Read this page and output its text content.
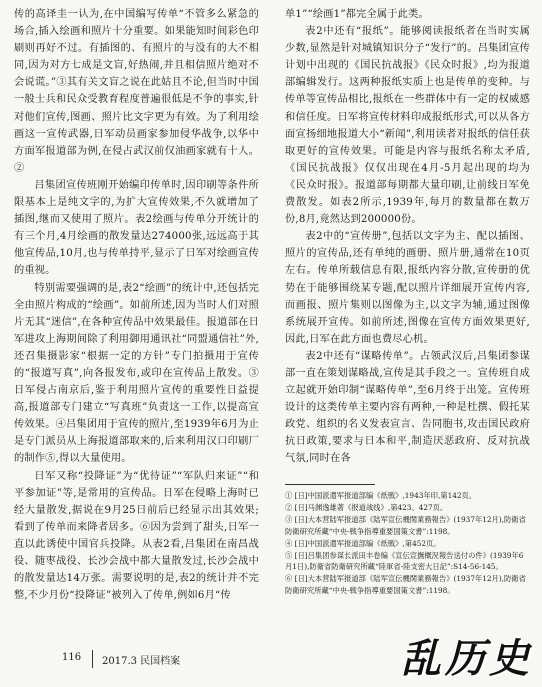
传的高译圭一认为,在中国编写传单“不管多么紧急的场合,插入绘画和照片十分重要。如果能知时间彩色印刷则再好不过。有插图的、有照片的与没有的大不相同,因为对方七成是文盲,好热闹,并且相信照片绝对不会说谎。”③其有关文盲之说在此姑且不论,但当时中国一般士兵和民众受教育程度普遍很低是不争的事实,针对他们宣传,图画、照片比文字更为有效。为了利用绘画这一宣传武器,日军动员画家参加侵华战争,以华中方面军报道部为例,在侵占武汉前仅油画家就有十人。②

吕集团宣传班刚开始编印传单时,因印刷等条件所限基本上是纯文字的,为扩大宣传效果,不久就增加了插图,继而又使用了照片。表2绘画与传单分开统计的有三个月,4月绘画的散发量达274000张,远远高于其他宣传品,10月,也与传单持平,显示了日军对绘画宣传的重视。

特别需要强调的是,表2“绘画”的统计中,还包括完全由照片构成的“绘画”。如前所述,因为当时人们对照片无其“迷信”,在各种宣传品中效果最佳。报道部在日军进攻上海期间除了利用御用通讯社“同盟通信社”外,还召集摄影家“根据一定的方针”专门拍摄用于宣传的“报道写真”,向各报发布,或印在宣传品上散发。③日军侵占南京后,鉴于利用照片宣传的重要性日益提高,报道部专门建立“写真班”负责这一工作,以提高宣传效果。④吕集团用于宣传的照片,至1939年6月为止是专门派员从上海报道部取来的,后来利用汉口印刷厂的制作⑤,得以大量使用。

日军又称“投降证”为“优待证”“军队归来证”“和平参加证”等,是常用的宣传品。日军在侵略上海时已经大量散发,据说在9月25日前后已经显示出其效果;看到了传单而来降者居多。⑥因为尝到了甜头,日军一直以此诱使中国官兵投降。从表2看,吕集团在南昌战役、随枣战役、长沙会战中都大量散发过,长沙会战中的散发量达14万张。需要说明的是,表2的统计并不完整,不少月份“投降证”被列入了传单,例如6月“传

单1”“绘画1”都完全属于此类。

表2中还有“报纸”。能够阅读报纸者在当时实属少数,显然是针对城镇知识分子“发行”的。吕集团宣传计划中出现的《国民抗战报》《民众时报》,均为报道部编辑发行。这两种报纸实质上也是传单的变种。与传单等宣传品相比,报纸在一些群体中有一定的权威感和信任度。日军将宣传材料印成报纸形式,可以从各方面宣扬细地报道大小“新闻”,利用读者对报纸的信任获取更好的宣传效果。可能是内容与报纸名称太矛盾,《国民抗战报》仅仅出现在4月-5月起出现的均为《民众时报》。报道部每期都大量印刷,让前线日军免费散发。如表2所示,1939年,每月的数量都在数万份,8月,竟然达到200000份。

表2中的“宣传册”,包括以文字为主、配以插图、照片的宣传品,还有单纯的画册、照片册,通常在10页左右。传单所载信息有限,报纸内容分散,宣传册的优势在于能够围绕某专题,配以照片详细展开宣传内容,而画报、照片集则以图像为主,以文字为辅,通过图像系统展开宣传。如前所述,图像在宣传方面效果更好,因此,日军在此方面也费尽心机。

表2中还有“谋略传单”。占领武汉后,吕集团参谋部一直在策划谋略战,宣传是其手段之一。宣传班自成立起就开始印制“谋略传单”,至6月终于出笼。宣传班设计的这类传单主要内容有两种,一种是杜撰、假托某政党、组织的名义发表宣言、告同胞书,攻击国民政府抗日政策,要求与日本和平,制造厌恶政府、反对抗战气氛,同时在各

① [日]中国派遣军报道部编《纸戦》,1943年印,第142页。
② [日]马渊逸雄著《报道战线》,第423、427页。
③ [日]大本营陆军报道部《陆军宣伝機関業務報告》(1937年12月),防衛省防衛研究所藏“中央-戦争指導重要国策文書”:1198。
④ [日]中国派遣军报道部编《纸戦》,第452页。
⑤ [日]吕集团参谋长派田丰卷编《宣伝宣撫概況報告送付の件》(1939年6月1日),防衛省防衛研究所藏“陸軍省-陸支密大日記”:S14-56-145。
⑥ [日]大本营陆军报道部《陆军宣伝機関業務報告》(1937年12月),防衛省防衛研究所藏“中央-戦争指導重要国策文書”:1198。
116 2017.3 民国档案	乱历史
